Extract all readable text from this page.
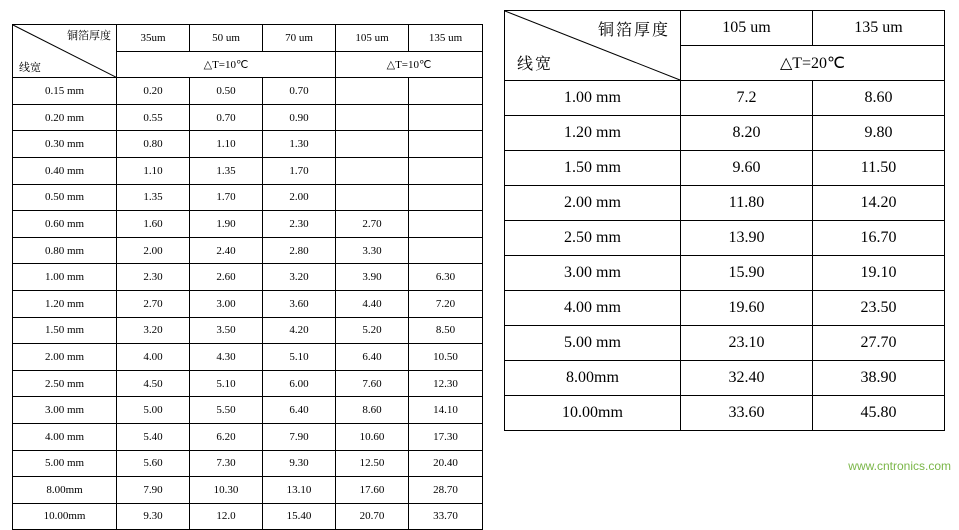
铜箔厚度
线宽	35um	50 um	70 um	105 um	135 um
	△T=10℃			△T=10℃	
0.15 mm	0.20	0.50	0.70		
0.20 mm	0.55	0.70	0.90		
0.30 mm	0.80	1.10	1.30		
0.40 mm	1.10	1.35	1.70		
0.50 mm	1.35	1.70	2.00		
0.60 mm	1.60	1.90	2.30	2.70	
0.80 mm	2.00	2.40	2.80	3.30	
1.00 mm	2.30	2.60	3.20	3.90	6.30
1.20 mm	2.70	3.00	3.60	4.40	7.20
1.50 mm	3.20	3.50	4.20	5.20	8.50
2.00 mm	4.00	4.30	5.10	6.40	10.50
2.50 mm	4.50	5.10	6.00	7.60	12.30
3.00 mm	5.00	5.50	6.40	8.60	14.10
4.00 mm	5.40	6.20	7.90	10.60	17.30
5.00 mm	5.60	7.30	9.30	12.50	20.40
8.00mm	7.90	10.30	13.10	17.60	28.70
10.00mm	9.30	12.0	15.40	20.70	33.70
铜箔厚度
线宽	105 um	135 um
	△T=20℃	
1.00 mm	7.2	8.60
1.20 mm	8.20	9.80
1.50 mm	9.60	11.50
2.00 mm	11.80	14.20
2.50 mm	13.90	16.70
3.00 mm	15.90	19.10
4.00 mm	19.60	23.50
5.00 mm	23.10	27.70
8.00mm	32.40	38.90
10.00mm	33.60	45.80
www.cntronics.com
